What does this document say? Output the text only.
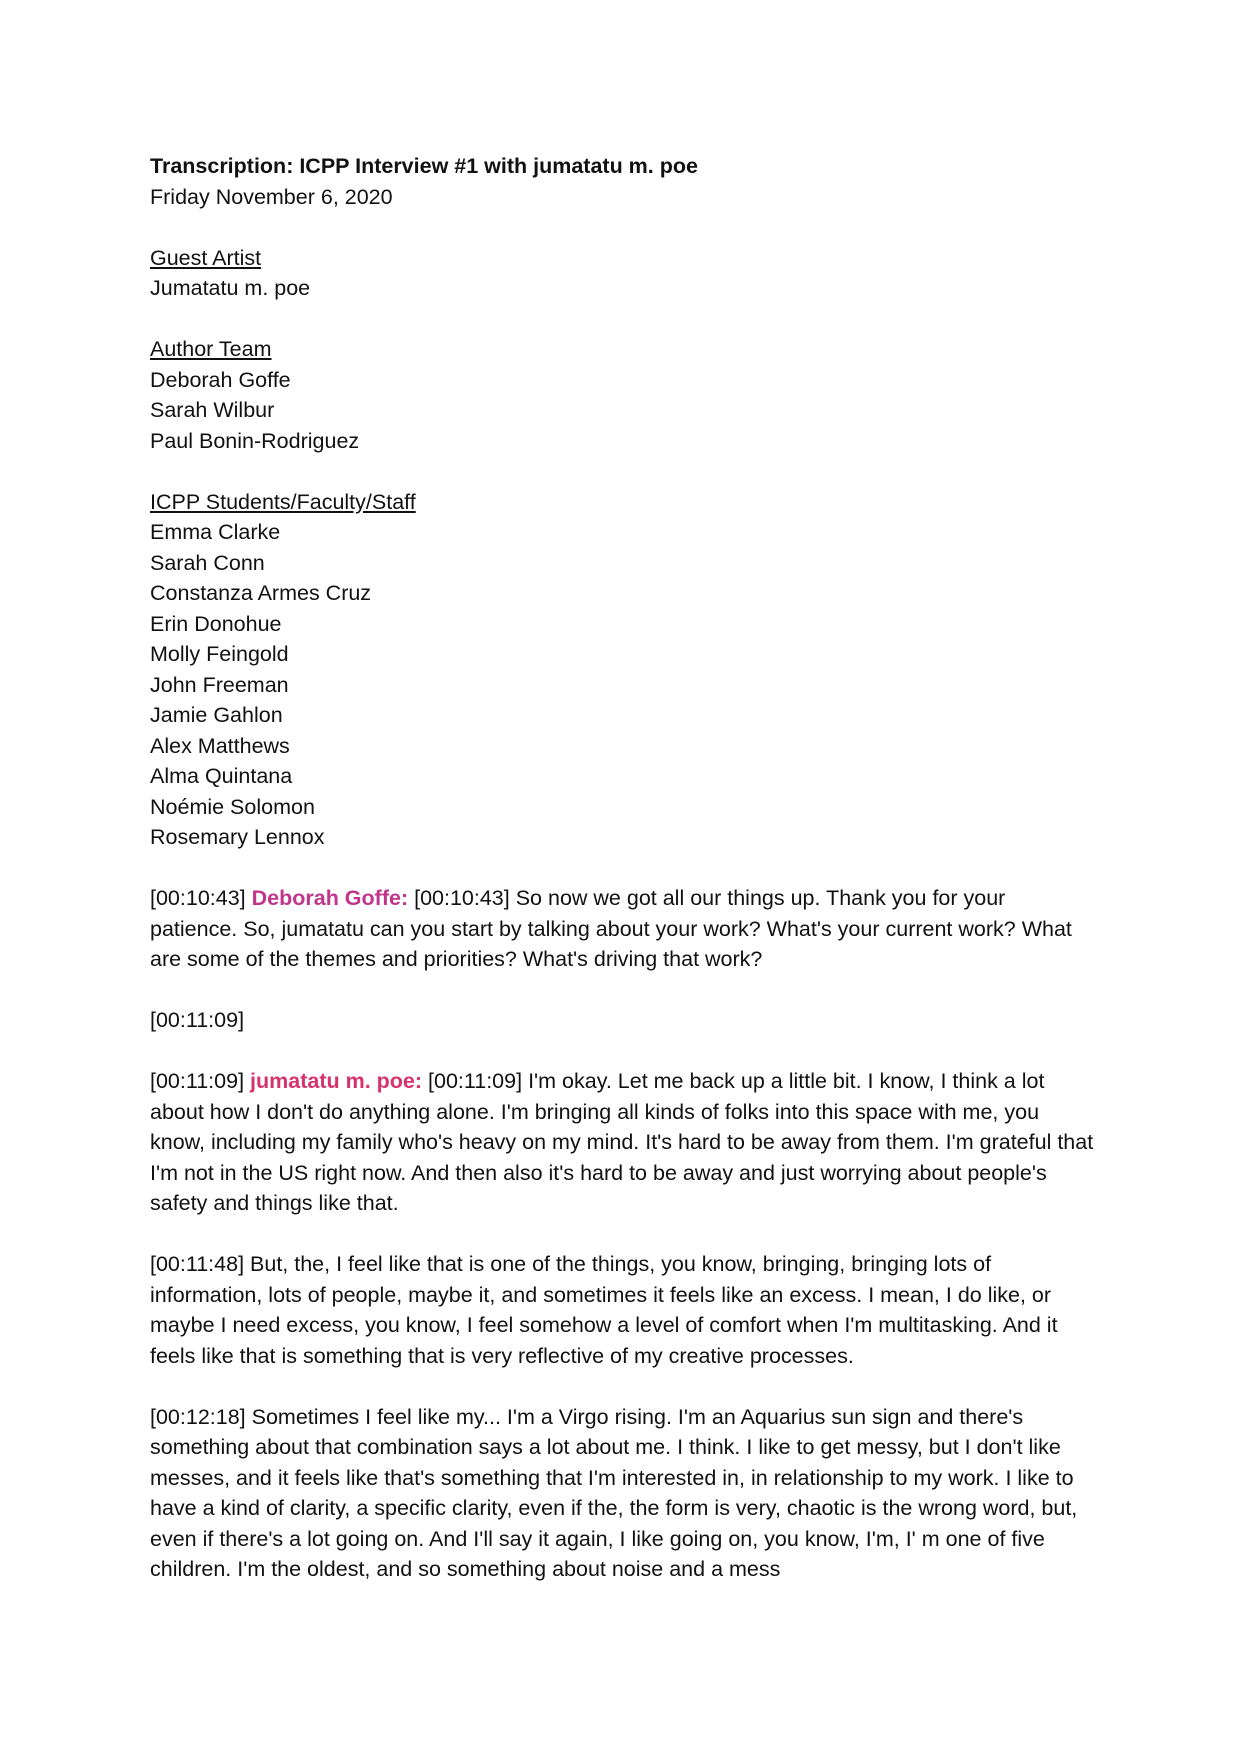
Transcription: ICPP Interview #1 with jumatatu m. poe
Friday November 6, 2020
Guest Artist
Jumatatu m. poe
Author Team
Deborah Goffe
Sarah Wilbur
Paul Bonin-Rodriguez
ICPP Students/Faculty/Staff
Emma Clarke
Sarah Conn
Constanza Armes Cruz
Erin Donohue
Molly Feingold
John Freeman
Jamie Gahlon
Alex Matthews
Alma Quintana
Noémie Solomon
Rosemary Lennox

[00:10:43] Deborah Goffe: [00:10:43] So now we got all our things up. Thank you for your patience. So, jumatatu can you start by talking about your work? What's your current work? What are some of the themes and priorities? What's driving that work?

[00:11:09]

[00:11:09] jumatatu m. poe: [00:11:09] I'm okay. Let me back up a little bit. I know, I think a lot about how I don't do anything alone. I'm bringing all kinds of folks into this space with me, you know, including my family who's heavy on my mind. It's hard to be away from them. I'm grateful that I'm not in the US right now. And then also it's hard to be away and just worrying about people's safety and things like that.

[00:11:48] But, the, I feel like that is one of the things, you know, bringing, bringing lots of information, lots of people, maybe it, and sometimes it feels like an excess. I mean, I do like, or maybe I need excess, you know, I feel somehow a level of comfort when I'm multitasking. And it feels like that is something that is very reflective of my creative processes.

[00:12:18] Sometimes I feel like my... I'm a Virgo rising. I'm an Aquarius sun sign and there's something about that combination says a lot about me. I think. I like to get messy, but I don't like messes, and it feels like that's something that I'm interested in, in relationship to my work. I like to have a kind of clarity, a specific clarity, even if the, the form is very, chaotic is the wrong word, but, even if there's a lot going on. And I'll say it again, I like going on, you know, I'm, I' m one of five children. I'm the oldest, and so something about noise and a mess
